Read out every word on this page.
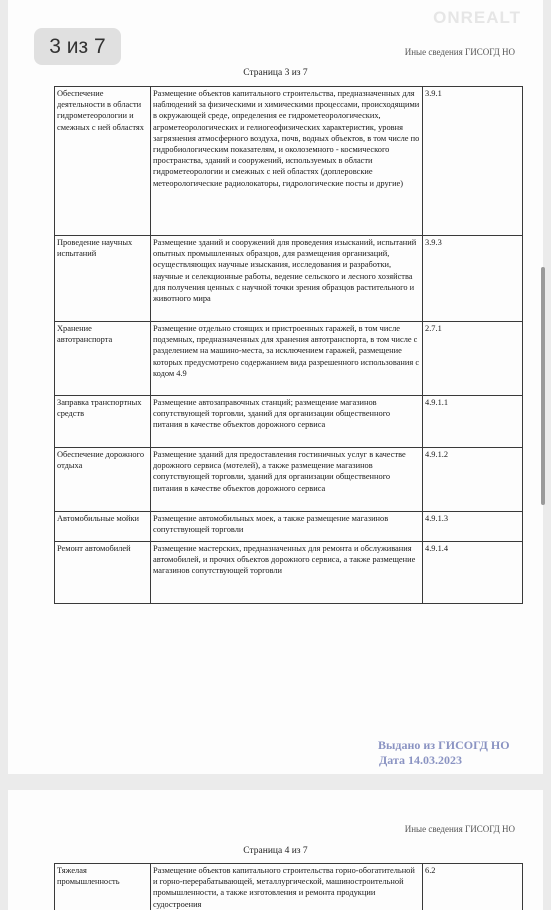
3 из 7
ONREALT
Иные сведения ГИСОГД НО
Страница 3 из 7
Обеспечение деятельности в области гидрометеорологии и смежных с ней областях	Размещение объектов капитального строительства, предназначенных для наблюдений за физическими и химическими процессами, происходящими в окружающей среде, определения ее гидрометеорологических, агрометеорологических и гелиогеофизических характеристик, уровня загрязнения атмосферного воздуха, почв, водных объектов, в том числе по гидробиологическим показателям, и околоземного - космического пространства, зданий и сооружений, используемых в области гидрометеорологии и смежных с ней областях (доплеровские метеорологические радиолокаторы, гидрологические посты и другие)	3.9.1
Проведение научных испытаний	Размещение зданий и сооружений для проведения изысканий, испытаний опытных промышленных образцов, для размещения организаций, осуществляющих научные изыскания, исследования и разработки, научные и селекционные работы, ведение сельского и лесного хозяйства для получения ценных с научной точки зрения образцов растительного и животного мира	3.9.3
Хранение автотранспорта	Размещение отдельно стоящих и пристроенных гаражей, в том числе подземных, предназначенных для хранения автотранспорта, в том числе с разделением на машино-места, за исключением гаражей, размещение которых предусмотрено содержанием вида разрешенного использования с кодом 4.9	2.7.1
Заправка транспортных средств	Размещение автозаправочных станций; размещение магазинов сопутствующей торговли, зданий для организации общественного питания в качестве объектов дорожного сервиса	4.9.1.1
Обеспечение дорожного отдыха	Размещение зданий для предоставления гостиничных услуг в качестве дорожного сервиса (мотелей), а также размещение магазинов сопутствующей торговли, зданий для организации общественного питания в качестве объектов дорожного сервиса	4.9.1.2
Автомобильные мойки	Размещение автомобильных моек, а также размещение магазинов сопутствующей торговли	4.9.1.3
Ремонт автомобилей	Размещение мастерских, предназначенных для ремонта и обслуживания автомобилей, и прочих объектов дорожного сервиса, а также размещение магазинов сопутствующей торговли	4.9.1.4
Выдано из ГИСОГД НО
Дата 14.03.2023
Иные сведения ГИСОГД НО
Страница 4 из 7
Тяжелая промышленность	Размещение объектов капитального строительства горно-обогатительной и горно-перерабатывающей, металлургической, машиностроительной промышленности, а также изготовления и ремонта продукции судостроения	6.2
